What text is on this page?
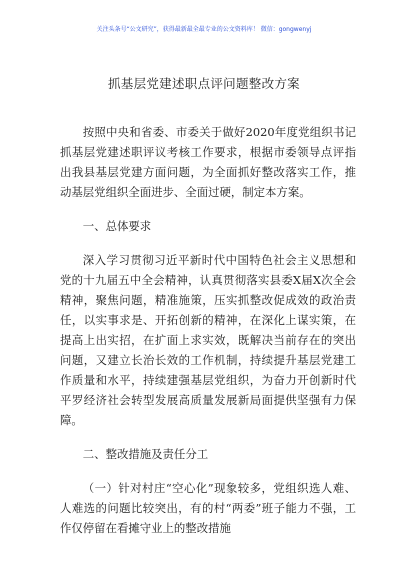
关注头条号“公文研究”，获得最新最全最专业的公文资料库！ 微信：gongwenyj
抓基层党建述职点评问题整改方案

按照中央和省委、市委关于做好2020年度党组织书记抓基层党建述职评议考核工作要求，根据市委领导点评指出我县基层党建方面问题，为全面抓好整改落实工作，推动基层党组织全面进步、全面过硬，制定本方案。

一、总体要求

深入学习贯彻习近平新时代中国特色社会主义思想和党的十九届五中全会精神，认真贯彻落实县委X届X次全会精神，聚焦问题，精准施策，压实抓整改促成效的政治责任，以实事求是、开拓创新的精神，在深化上谋实策，在提高上出实招，在扩面上求实效，既解决当前存在的突出问题，又建立长治长效的工作机制，持续提升基层党建工作质量和水平，持续建强基层党组织，为奋力开创新时代平罗经济社会转型发展高质量发展新局面提供坚强有力保障。

二、整改措施及责任分工

（一）针对村庄“空心化”现象较多，党组织选人难、人难选的问题比较突出，有的村“两委”班子能力不强，工作仅停留在看摊守业上的整改措施
